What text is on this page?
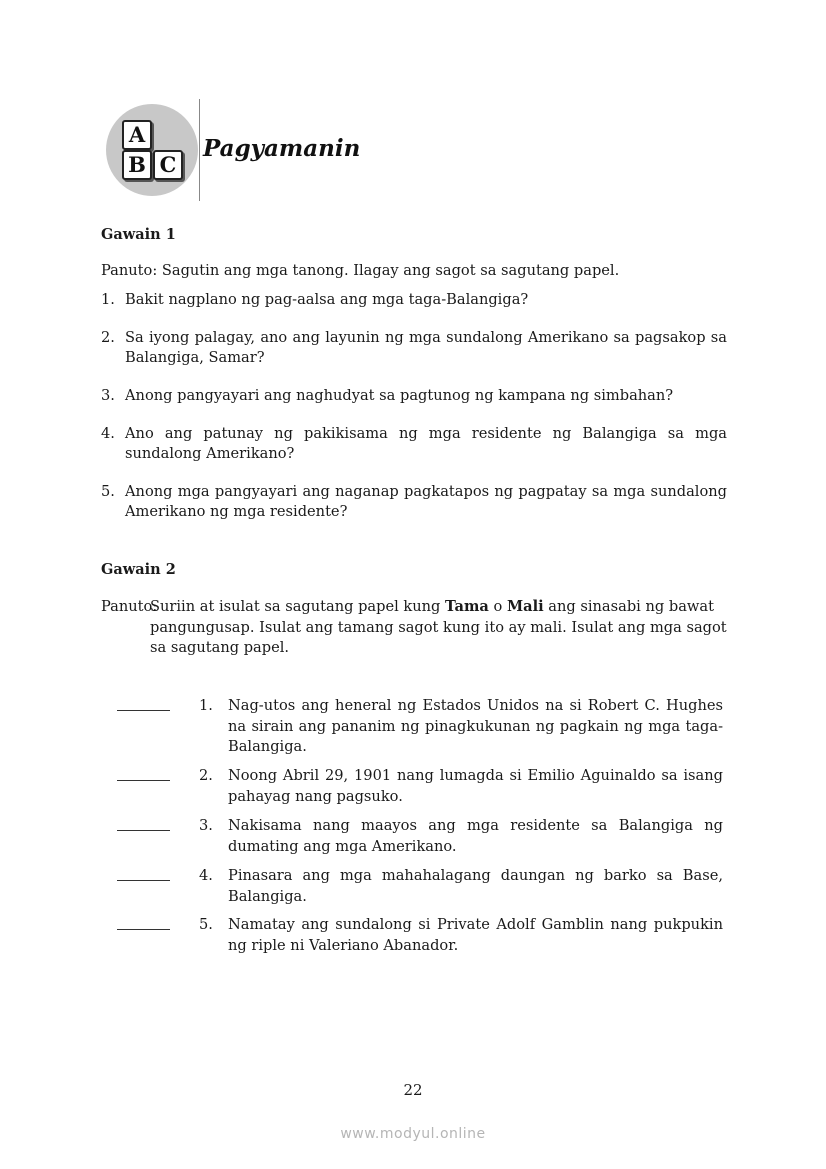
A
B C
Pagyamanin
Gawain 1
Panuto: Sagutin ang mga tanong. Ilagay ang sagot sa sagutang papel.
1. Bakit nagplano ng pag-aalsa ang mga taga-Balangiga?
2. Sa iyong palagay, ano ang layunin ng mga sundalong Amerikano sa pagsakop sa Balangiga, Samar?
3. Anong pangyayari ang naghudyat sa pagtunog ng kampana ng simbahan?
4. Ano ang patunay ng pakikisama ng mga residente ng Balangiga sa mga sundalong Amerikano?
5. Anong mga pangyayari ang naganap pagkatapos ng pagpatay sa mga sundalong Amerikano ng mga residente?
Gawain 2
Panuto:
Suriin at isulat sa sagutang papel kung Tama o Mali ang sinasabi ng bawat pangungusap. Isulat ang tamang sagot kung ito ay mali. Isulat ang mga sagot sa sagutang papel.
1. Nag-utos ang heneral ng Estados Unidos na si Robert C. Hughes na sirain ang pananim ng pinagkukunan ng pagkain ng mga taga-Balangiga.
2. Noong Abril 29, 1901 nang lumagda si Emilio Aguinaldo sa isang pahayag nang pagsuko.
3. Nakisama nang maayos ang mga residente sa Balangiga ng dumating ang mga Amerikano.
4. Pinasara ang mga mahahalagang daungan ng barko sa Base, Balangiga.
5. Namatay ang sundalong si Private Adolf Gamblin nang pukpukin ng riple ni Valeriano Abanador.
22
www.modyul.online
